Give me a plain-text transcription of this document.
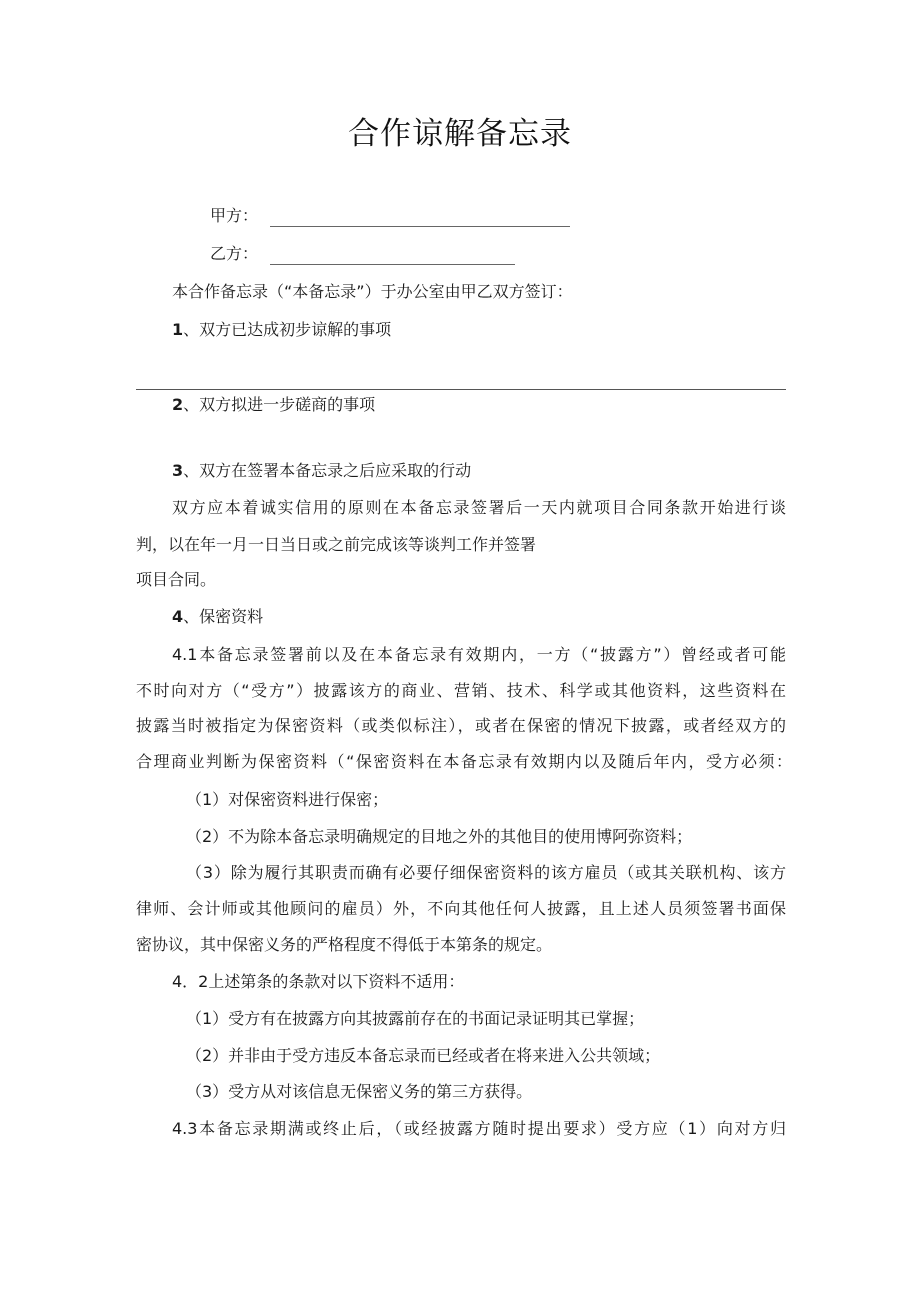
合作谅解备忘录
甲方：
乙方：
本合作备忘录（“本备忘录”）于办公室由甲乙双方签订：
1、双方已达成初步谅解的事项
2、双方拟进一步磋商的事项
3、双方在签署本备忘录之后应采取的行动
双方应本着诚实信用的原则在本备忘录签署后一天内就项目合同条款开始进行谈
判，以在年一月一日当日或之前完成该等谈判工作并签署
项目合同。
4、保密资料
4.1本备忘录签署前以及在本备忘录有效期内，一方（“披露方”）曾经或者可能
不时向对方（“受方”）披露该方的商业、营销、技术、科学或其他资料，这些资料在
披露当时被指定为保密资料（或类似标注），或者在保密的情况下披露，或者经双方的
合理商业判断为保密资料（“保密资料在本备忘录有效期内以及随后年内，受方必须：
（1）对保密资料进行保密；
（2）不为除本备忘录明确规定的目地之外的其他目的使用博阿弥资料；
（3）除为履行其职责而确有必要仔细保密资料的该方雇员（或其关联机构、该方
律师、会计师或其他顾问的雇员）外，不向其他任何人披露，且上述人员须签署书面保
密协议，其中保密义务的严格程度不得低于本第条的规定。
4．2上述第条的条款对以下资料不适用：
（1）受方有在披露方向其披露前存在的书面记录证明其已掌握；
（2）并非由于受方违反本备忘录而已经或者在将来进入公共领域；
（3）受方从对该信息无保密义务的第三方获得。
4.3本备忘录期满或终止后，（或经披露方随时提出要求）受方应（1）向对方归
